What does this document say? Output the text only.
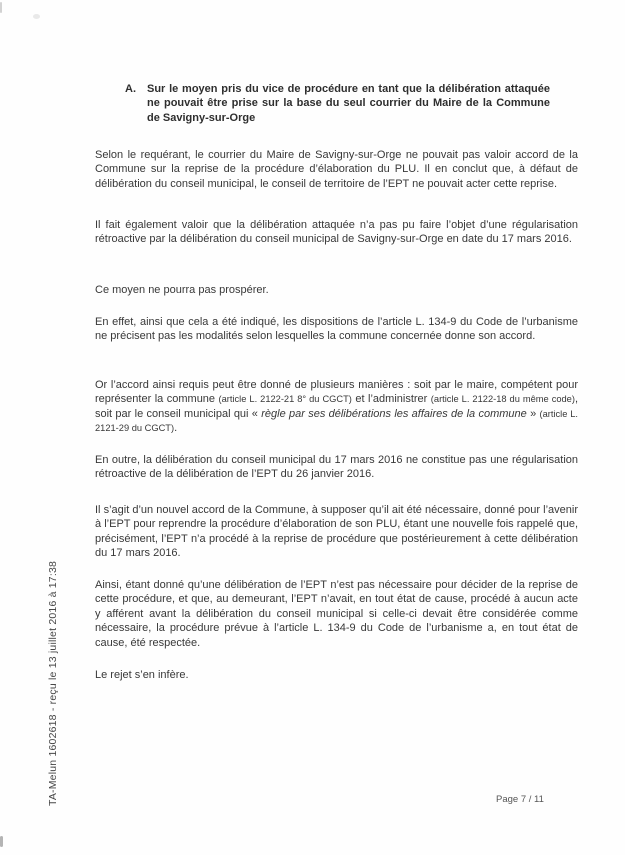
TA-Melun 1602618 - reçu le 13 juillet 2016 à 17:38
A.	Sur le moyen pris du vice de procédure en tant que la délibération attaquée ne pouvait être prise sur la base du seul courrier du Maire de la Commune de Savigny-sur-Orge

Selon le requérant, le courrier du Maire de Savigny-sur-Orge ne pouvait pas valoir accord de la Commune sur la reprise de la procédure d’élaboration du PLU. Il en conclut que, à défaut de délibération du conseil municipal, le conseil de territoire de l’EPT ne pouvait acter cette reprise.

Il fait également valoir que la délibération attaquée n’a pas pu faire l’objet d’une régularisation rétroactive par la délibération du conseil municipal de Savigny-sur-Orge en date du 17 mars 2016.

Ce moyen ne pourra pas prospérer.

En effet, ainsi que cela a été indiqué, les dispositions de l’article L. 134-9 du Code de l’urbanisme ne précisent pas les modalités selon lesquelles la commune concernée donne son accord.

Or l’accord ainsi requis peut être donné de plusieurs manières : soit par le maire, compétent pour représenter la commune (article L. 2122-21 8° du CGCT) et l’administrer (article L. 2122-18 du même code), soit par le conseil municipal qui « règle par ses délibérations les affaires de la commune » (article L. 2121-29 du CGCT).

En outre, la délibération du conseil municipal du 17 mars 2016 ne constitue pas une régularisation rétroactive de la délibération de l’EPT du 26 janvier 2016.

Il s’agit d’un nouvel accord de la Commune, à supposer qu’il ait été nécessaire, donné pour l’avenir à l’EPT pour reprendre la procédure d’élaboration de son PLU, étant une nouvelle fois rappelé que, précisément, l’EPT n’a procédé à la reprise de procédure que postérieurement à cette délibération du 17 mars 2016.

Ainsi, étant donné qu’une délibération de l’EPT n’est pas nécessaire pour décider de la reprise de cette procédure, et que, au demeurant, l’EPT n’avait, en tout état de cause, procédé à aucun acte y afférent avant la délibération du conseil municipal si celle-ci devait être considérée comme nécessaire, la procédure prévue à l’article L. 134-9 du Code de l’urbanisme a, en tout état de cause, été respectée.

Le rejet s’en infère.

Page 7 / 11
